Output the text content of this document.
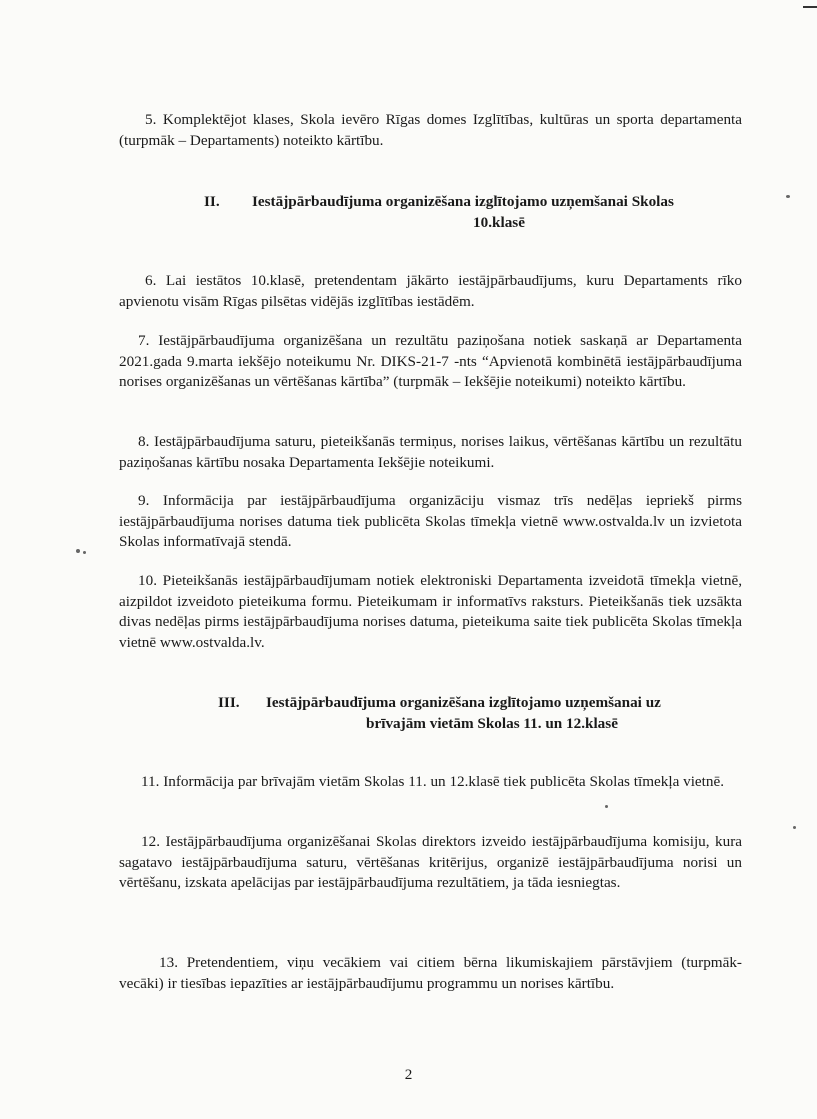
5. Komplektējot klases, Skola ievēro Rīgas domes Izglītības, kultūras un sporta departamenta (turpmāk – Departaments) noteikto kārtību.

II. Iestājpārbaudījuma organizēšana izglītojamo uzņemšanai Skolas
10.klasē

6. Lai iestātos 10.klasē, pretendentam jākārto iestājpārbaudījums, kuru Departaments rīko apvienotu visām Rīgas pilsētas vidējās izglītības iestādēm.

7. Iestājpārbaudījuma organizēšana un rezultātu paziņošana notiek saskaņā ar Departamenta 2021.gada 9.marta iekšējo noteikumu Nr. DIKS-21-7 -nts “Apvienotā kombinētā iestājpārbaudījuma norises organizēšanas un vērtēšanas kārtība” (turpmāk – Iekšējie noteikumi) noteikto kārtību.

8. Iestājpārbaudījuma saturu, pieteikšanās termiņus, norises laikus, vērtēšanas kārtību un rezultātu paziņošanas kārtību nosaka Departamenta Iekšējie noteikumi.

9. Informācija par iestājpārbaudījuma organizāciju vismaz trīs nedēļas iepriekš pirms iestājpārbaudījuma norises datuma tiek publicēta Skolas tīmekļa vietnē www.ostvalda.lv un izvietota Skolas informatīvajā stendā.

10. Pieteikšanās iestājpārbaudījumam notiek elektroniski Departamenta izveidotā tīmekļa vietnē, aizpildot izveidoto pieteikuma formu. Pieteikumam ir informatīvs raksturs. Pieteikšanās tiek uzsākta divas nedēļas pirms iestājpārbaudījuma norises datuma, pieteikuma saite tiek publicēta Skolas tīmekļa vietnē www.ostvalda.lv.

III. Iestājpārbaudījuma organizēšana izglītojamo uzņemšanai uz
brīvajām vietām Skolas 11. un 12.klasē

11. Informācija par brīvajām vietām Skolas 11. un 12.klasē tiek publicēta Skolas tīmekļa vietnē.

12. Iestājpārbaudījuma organizēšanai Skolas direktors izveido iestājpārbaudījuma komisiju, kura sagatavo iestājpārbaudījuma saturu, vērtēšanas kritērijus, organizē iestājpārbaudījuma norisi un vērtēšanu, izskata apelācijas par iestājpārbaudījuma rezultātiem, ja tāda iesniegtas.

13. Pretendentiem, viņu vecākiem vai citiem bērna likumiskajiem pārstāvjiem (turpmāk-vecāki) ir tiesības iepazīties ar iestājpārbaudījumu programmu un norises kārtību.

2
